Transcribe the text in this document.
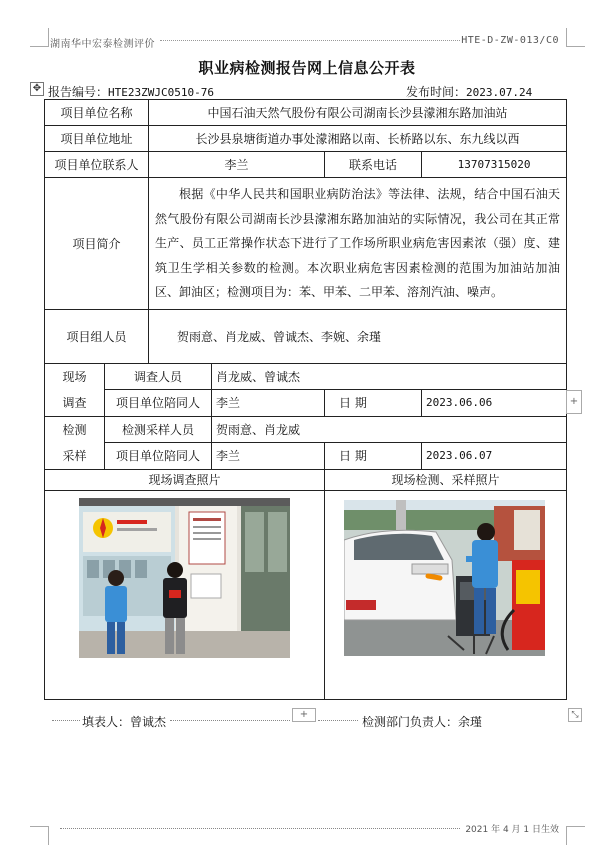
湖南华中宏泰检测评价	HTE-D-ZW-013/C0
职业病检测报告网上信息公开表
✥ 报告编号：HTE23ZWJC0510-76	发布时间：2023.07.24
项目单位名称		中国石油天然气股份有限公司湖南长沙县濛湘东路加油站			
项目单位地址		长沙县泉塘街道办事处濛湘路以南、长桥路以东、东九线以西			
项目单位联系人		李兰		联系电话	13707315020
项目简介		根据《中华人民共和国职业病防治法》等法律、法规，结合中国石油天然气股份有限公司湖南长沙县濛湘东路加油站的实际情况，我公司在其正常生产、员工正常操作状态下进行了工作场所职业病危害因素浓（强）度、建筑卫生学相关参数的检测。本次职业病危害因素检测的范围为加油站加油区、卸油区；检测项目为：苯、甲苯、二甲苯、溶剂汽油、噪声。			
项目组人员		贺雨意、肖龙威、曾诚杰、李婉、余瑾			

现场
调查	调查人员		肖龙威、曾诚杰		
	项目单位陪同人		李兰	日 期	2023.06.06

检测
采样	检测采样人员		贺雨意、肖龙威		
	项目单位陪同人		李兰	日 期	2023.06.07
现场调查照片				现场检测、采样照片	

+
⤡
填表人：曾诚杰
+
检测部门负责人：余瑾
2021 年 4 月 1 日生效
